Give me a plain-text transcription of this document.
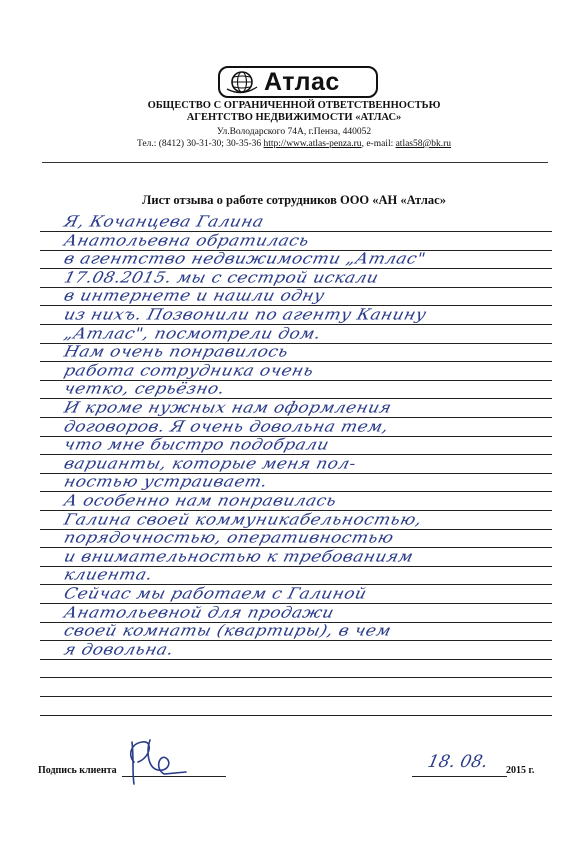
Атлас
ОБЩЕСТВО С ОГРАНИЧЕННОЙ ОТВЕТСТВЕННОСТЬЮ
АГЕНТСТВО НЕДВИЖИМОСТИ «АТЛАС»
Ул.Володарского 74А, г.Пенза, 440052
Тел.: (8412) 30-31-30; 30-35-36 http://www.atlas-penza.ru, e-mail: atlas58@bk.ru
Лист отзыва о работе сотрудников ООО «АН «Атлас»
Я, Кочанцева Галина
Анатольевна обратилась
в агентство недвижимости „Атлас"
17.08.2015. мы с сестрой искали
в интернете и нашли одну
из нихъ. Позвонили по агенту Канину
„Атлас", посмотрели дом.
Нам очень понравилось
работа сотрудника очень
четко, серьёзно.
И кроме нужных нам оформления
договоров. Я очень довольна тем,
что мне быстро подобрали
варианты, которые меня пол-
ностью устраивает.
А особенно нам понравилась
Галина своей коммуникабельностью,
порядочностью, оперативностью
и внимательностью к требованиям
клиента.
Сейчас мы работаем с Галиной
Анатольевной для продажи
своей комнаты (квартиры), в чем
я довольна.
Подпись клиента	18. 08. 2015 г.
